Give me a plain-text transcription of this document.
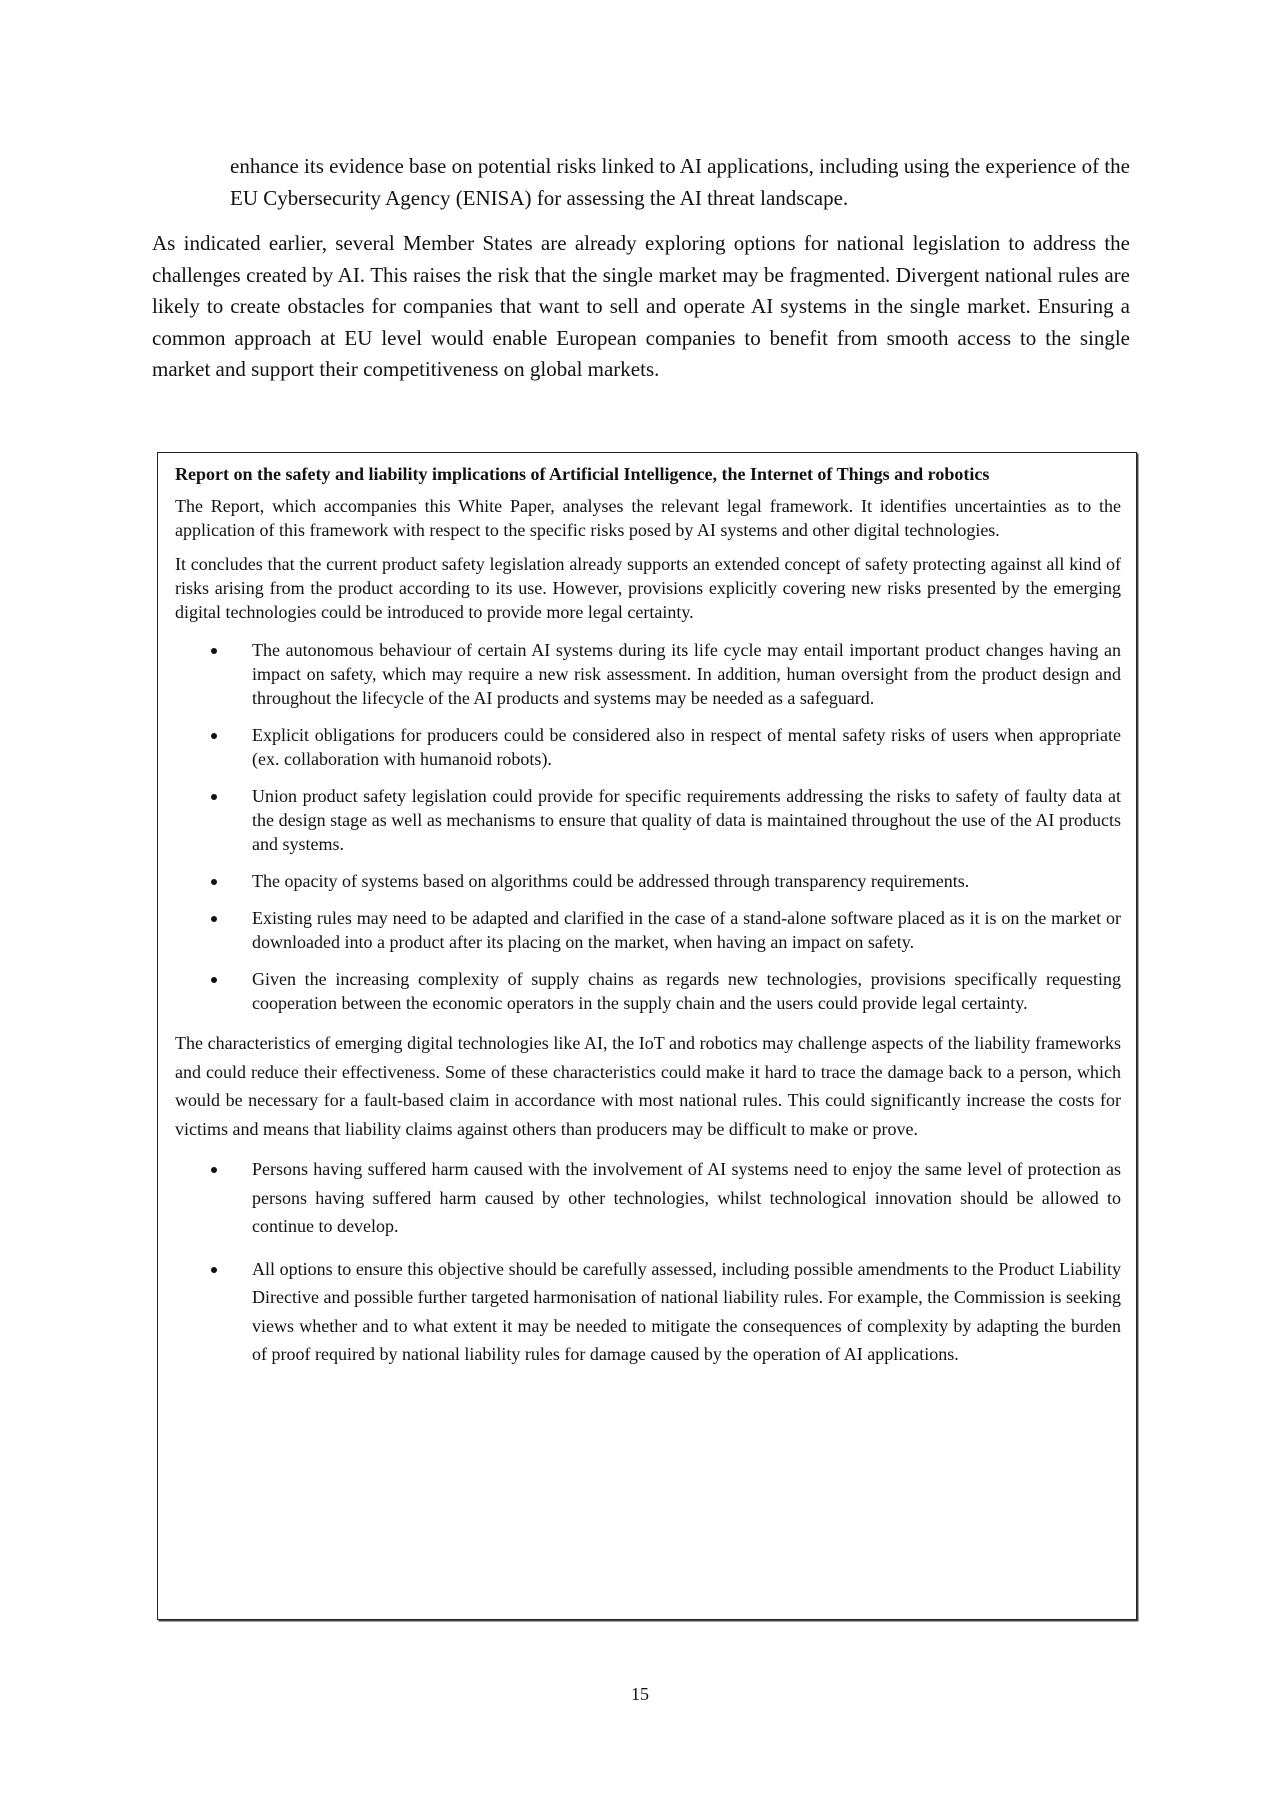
enhance its evidence base on potential risks linked to AI applications, including using the experience of the EU Cybersecurity Agency (ENISA) for assessing the AI threat landscape.

As indicated earlier, several Member States are already exploring options for national legislation to address the challenges created by AI. This raises the risk that the single market may be fragmented. Divergent national rules are likely to create obstacles for companies that want to sell and operate AI systems in the single market. Ensuring a common approach at EU level would enable European companies to benefit from smooth access to the single market and support their competitiveness on global markets.

Report on the safety and liability implications of Artificial Intelligence, the Internet of Things and robotics

The Report, which accompanies this White Paper, analyses the relevant legal framework. It identifies uncertainties as to the application of this framework with respect to the specific risks posed by AI systems and other digital technologies.

It concludes that the current product safety legislation already supports an extended concept of safety protecting against all kind of risks arising from the product according to its use. However, provisions explicitly covering new risks presented by the emerging digital technologies could be introduced to provide more legal certainty.

The autonomous behaviour of certain AI systems during its life cycle may entail important product changes having an impact on safety, which may require a new risk assessment. In addition, human oversight from the product design and throughout the lifecycle of the AI products and systems may be needed as a safeguard.
Explicit obligations for producers could be considered also in respect of mental safety risks of users when appropriate (ex. collaboration with humanoid robots).
Union product safety legislation could provide for specific requirements addressing the risks to safety of faulty data at the design stage as well as mechanisms to ensure that quality of data is maintained throughout the use of the AI products and systems.
The opacity of systems based on algorithms could be addressed through transparency requirements.
Existing rules may need to be adapted and clarified in the case of a stand-alone software placed as it is on the market or downloaded into a product after its placing on the market, when having an impact on safety.
Given the increasing complexity of supply chains as regards new technologies, provisions specifically requesting cooperation between the economic operators in the supply chain and the users could provide legal certainty.

The characteristics of emerging digital technologies like AI, the IoT and robotics may challenge aspects of the liability frameworks and could reduce their effectiveness. Some of these characteristics could make it hard to trace the damage back to a person, which would be necessary for a fault-based claim in accordance with most national rules. This could significantly increase the costs for victims and means that liability claims against others than producers may be difficult to make or prove.

Persons having suffered harm caused with the involvement of AI systems need to enjoy the same level of protection as persons having suffered harm caused by other technologies, whilst technological innovation should be allowed to continue to develop.
All options to ensure this objective should be carefully assessed, including possible amendments to the Product Liability Directive and possible further targeted harmonisation of national liability rules. For example, the Commission is seeking views whether and to what extent it may be needed to mitigate the consequences of complexity by adapting the burden of proof required by national liability rules for damage caused by the operation of AI applications.
15
